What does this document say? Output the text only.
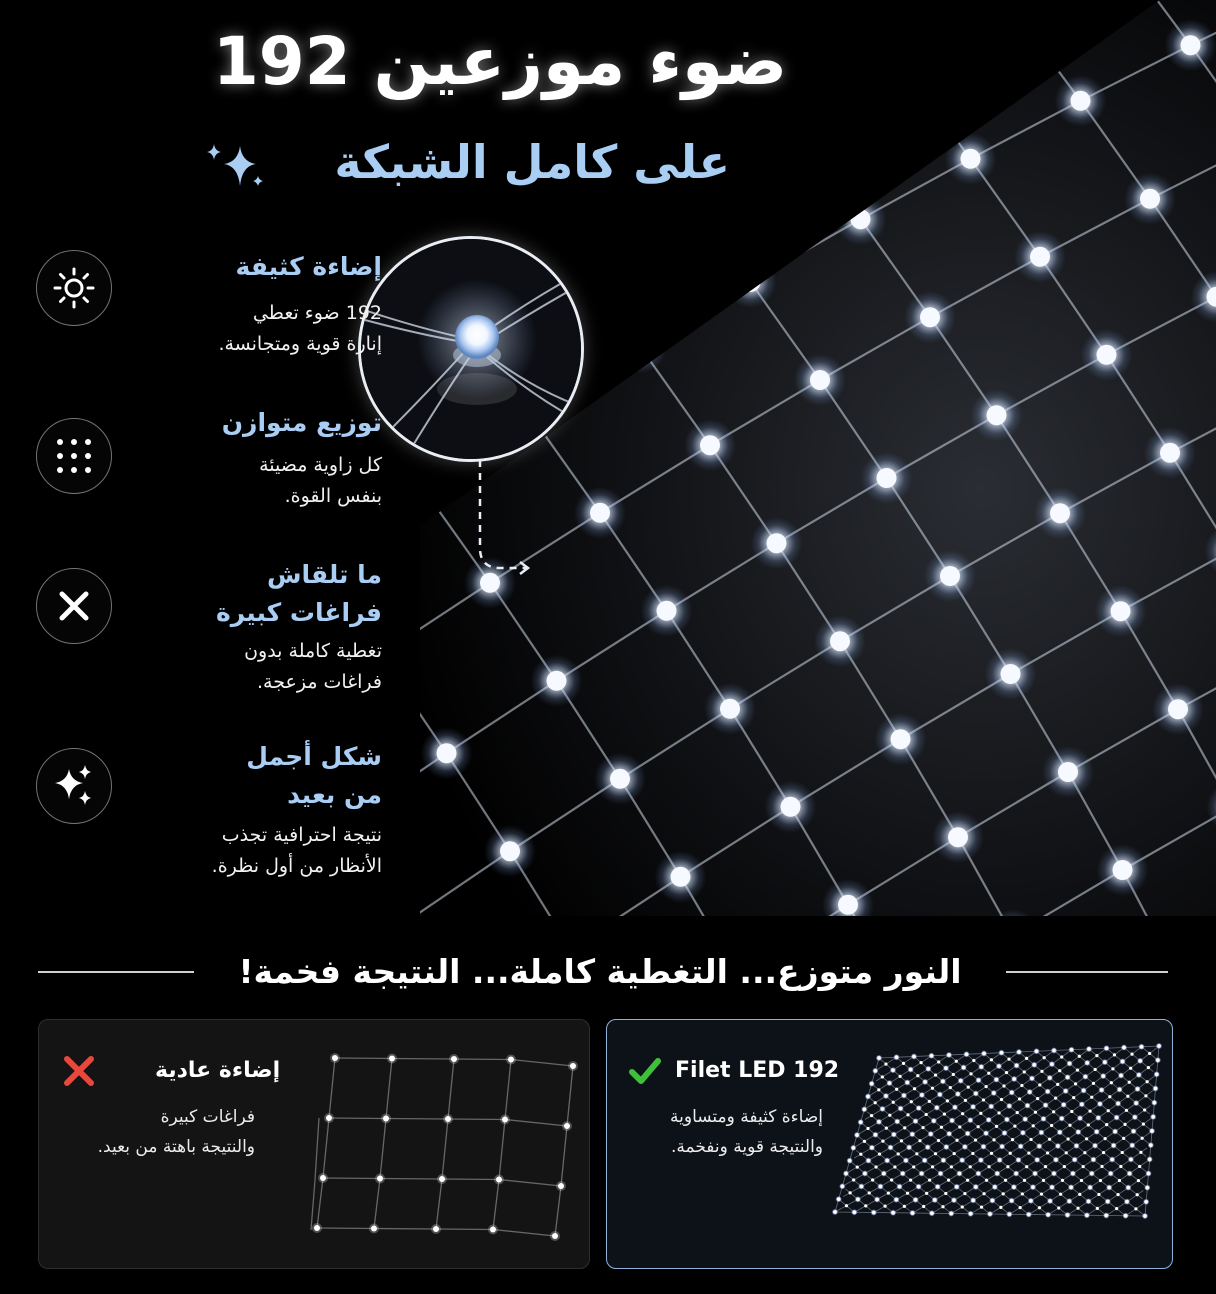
192 ضوء موزعين
على كامل الشبكة
إضاءة كثيفة
192 ضوء تعطي
إنارة قوية ومتجانسة.
توزيع متوازن
كل زاوية مضيئة
بنفس القوة.
ما تلقاش
فراغات كبيرة
تغطية كاملة بدون
فراغات مزعجة.
شكل أجمل
من بعيد
نتيجة احترافية تجذب
الأنظار من أول نظرة.
النور متوزع... التغطية كاملة... النتيجة فخمة!
إضاءة عادية
فراغات كبيرة
والنتيجة باهتة من بعيد.
Filet LED 192
إضاءة كثيفة ومتساوية
والنتيجة قوية ونفخمة.
